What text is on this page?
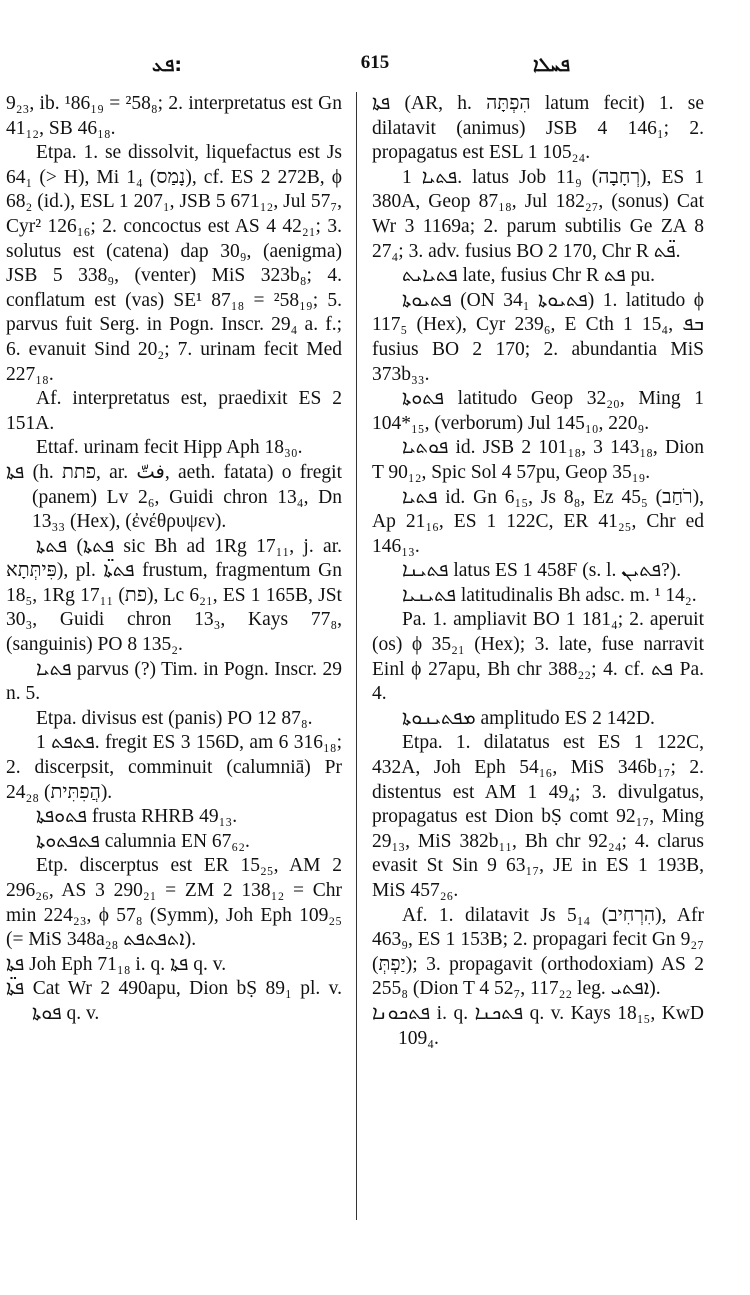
ܦܥ:	615	ܦܚܠܐ

9₂₃, ib. ¹86₁₉ = ²58₈; 2. interpretatus est Gn 41₁₂, SB 46₁₈.

Etpa. 1. se dissolvit, liquefactus est Js 64₁ (> H), Mi 1₄ (נָמַס), cf. ES 2 272B, ϕ 68₂ (id.), ESL 1 207₁, JSB 5 671₁₂, Jul 57₇, Cyr² 126₁₆; 2. concoctus est AS 4 42₂₁; 3. solutus est (catena) dap 30₉, (aenigma) JSB 5 338₉, (venter) MiS 323b₈; 4. conflatum est (vas) SE¹ 87₁₈ = ²58₁₉; 5. parvus fuit Serg. in Pogn. Inscr. 29₄ a. f.; 6. evanuit Sind 20₂; 7. urinam fecit Med 227₁₈.

Af. interpretatus est, praedixit ES 2 151A.

Ettaf. urinam fecit Hipp Aph 18₃₀.

ܦܬܐ (h. פתת, ar. فتّ, aeth. fatata) o fregit (panem) Lv 2₆, Guidi chron 13₄, Dn 13₃₃ (Hex), (ἐνέθρυψεν).

ܦܬܬܐ (ܦܬܬܐ sic Bh ad 1Rg 17₁₁, j. ar. פִּיתְּתָא), pl. ܦܬܬ̈ܐ frustum, fragmentum Gn 18₅, 1Rg 17₁₁ (פת), Lc 6₂₁, ES 1 165B, JSt 30₃, Guidi chron 13₃, Kays 77₈, (sanguinis) PO 8 135₂.

ܦܬܝܐ parvus (?) Tim. in Pogn. Inscr. 29 n. 5.

Etpa. divisus est (panis) PO 12 87₈.

ܦܬܦܬ 1. fregit ES 3 156D, am 6 316₁₈; 2. discerpsit, comminuit (calumniā) Pr 24₂₈ (הֲפִתִּית).

ܦܬܘܦܬܐ frusta RHRB 49₁₃.

ܦܬܦܬܘܬܐ calumnia EN 67₆₂.

Etp. discerptus est ER 15₂₅, AM 2 296₂₆, AS 3 290₂₁ = ZM 2 138₁₂ = Chr min 224₂₃, ϕ 57₈ (Symm), Joh Eph 109₂₅ (= MiS 348a₂₈ ܐܬܦܬܦܬ).

ܦܬܐ Joh Eph 71₁₈ i. q. ܦܬܐ q. v.

ܦܬ̈ܐ Cat Wr 2 490apu, Dion bṢ 89₁ pl. v. ܦܘܬܐ q. v.

ܦܬܐ (AR, h. הִפְתָּה latum fecit) 1. se dilatavit (animus) JSB 4 146₁; 2. propagatus est ESL 1 105₂₄.

ܦܬܝܐ 1. latus Job 11₉ (רְחָבָה), ES 1 380A, Geop 87₁₈, Jul 182₂₇, (sonus) Cat Wr 3 1169a; 2. parum subtilis Ge ZA 8 27₄; 3. adv. fusius BO 2 170, Chr R ܦ̈ܬ.

ܦܬܝܐܝܬ late, fusius Chr R ܦܬ pu.

ܦܬܝܘܬܐ (ON 34₁ ܦܬܝܘܬܐ) 1. latitudo ϕ 117₅ (Hex), Cyr 239₆, E Cth 1 15₄, ܒܦ fusius BO 2 170; 2. abundantia MiS 373b₃₃.

ܦܬܘܬܐ latitudo Geop 32₂₀, Ming 1 104*₁₅, (verborum) Jul 145₁₀, 220₉.

ܦܘܬܝܐ id. JSB 2 101₁₈, 3 143₁₈, Dion T 90₁₂, Spic Sol 4 57pu, Geop 35₁₉.

ܦܬܝܐ id. Gn 6₁₅, Js 8₈, Ez 45₅ (רֹחַב), Ap 21₁₆, ES 1 122C, ER 41₂₅, Chr ed 146₁₃.

ܦܬܝܢܐ latus ES 1 458F (s. l. ܦܬܝܢ?).

ܦܬܝܢܝܐ latitudinalis Bh adsc. m. ¹ 14₂.

Pa. 1. ampliavit BO 1 181₄; 2. aperuit (os) ϕ 35₂₁ (Hex); 3. late, fuse narravit Einl ϕ 27apu, Bh chr 388₂₂; 4. cf. ܦܬ Pa. 4.

ܡܦܬܝܢܘܬܐ amplitudo ES 2 142D.

Etpa. 1. dilatatus est ES 1 122C, 432A, Joh Eph 54₁₆, MiS 346b₁₇; 2. distentus est AM 1 49₄; 3. divulgatus, propagatus est Dion bṢ comt 92₁₇, Ming 29₁₃, MiS 382b₁₁, Bh chr 92₂₄; 4. clarus evasit St Sin 9 63₁₇, JE in ES 1 193B, MiS 457₂₆.

Af. 1. dilatavit Js 5₁₄ (הִרְחִיב), Afr 463₉, ES 1 153B; 2. propagari fecit Gn 9₂₇ (יַפְתְּ); 3. propagavit (orthodoxiam) AS 2 255₈ (Dion T 4 52₇, 117₂₂ leg. ܐܦܬܝ).

ܦܬܟܘܢܐ i. q. ܦܬܟܢܐ q. v. Kays 18₁₅, KwD 109₄.
